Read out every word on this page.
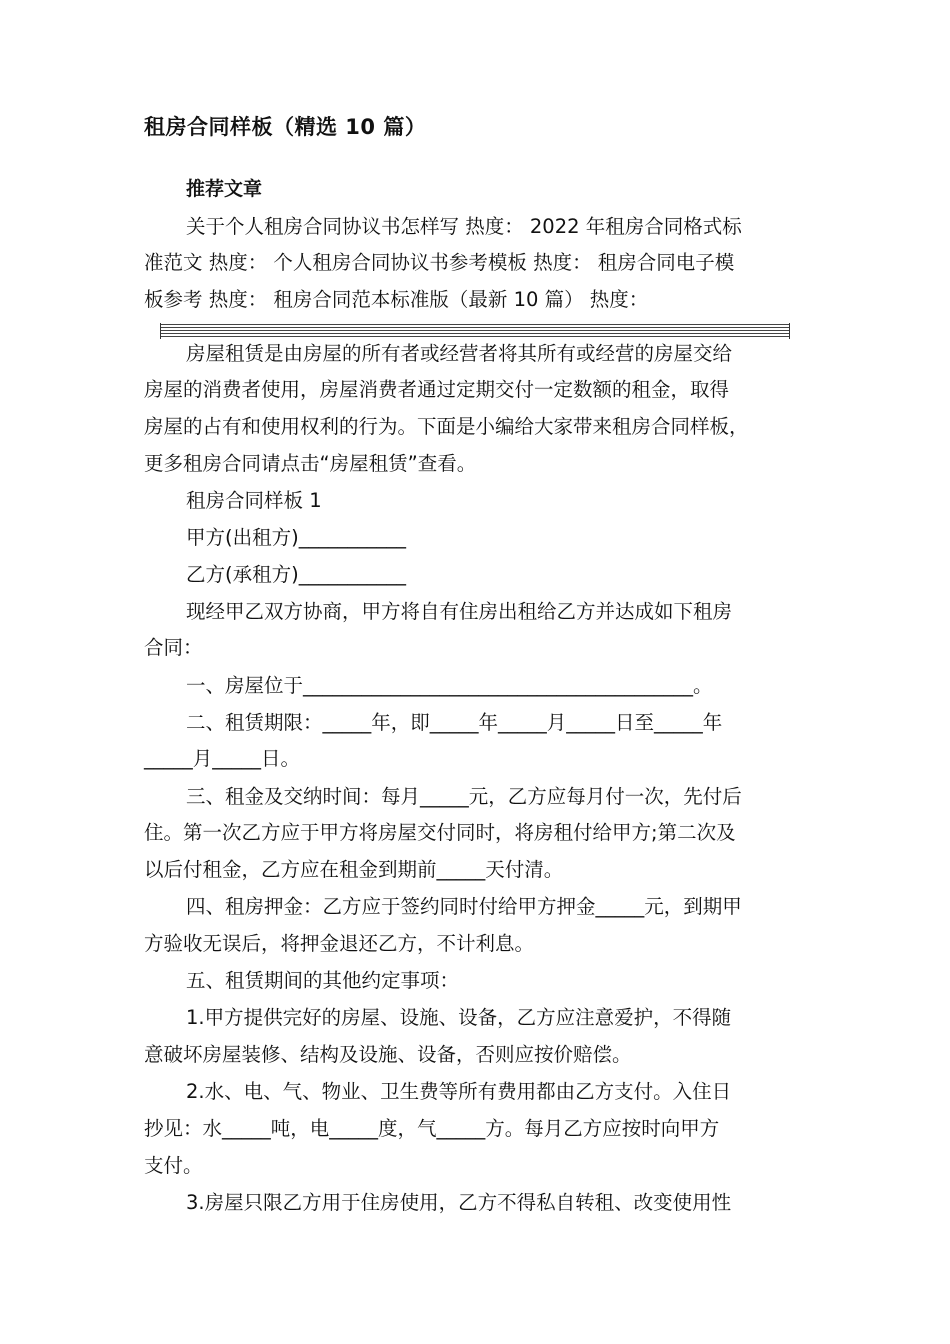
租房合同样板（精选 10 篇）
推荐文章
关于个人租房合同协议书怎样写 热度： 2022 年租房合同格式标
准范文 热度： 个人租房合同协议书参考模板 热度： 租房合同电子模
板参考 热度： 租房合同范本标准版（最新 10 篇） 热度：
房屋租赁是由房屋的所有者或经营者将其所有或经营的房屋交给
房屋的消费者使用，房屋消费者通过定期交付一定数额的租金，取得
房屋的占有和使用权利的行为。下面是小编给大家带来租房合同样板，
更多租房合同请点击“房屋租赁”查看。
租房合同样板 1
甲方(出租方)___________
乙方(承租方)___________
现经甲乙双方协商，甲方将自有住房出租给乙方并达成如下租房
合同：
一、房屋位于________________________________________。
二、租赁期限：_____年，即_____年_____月_____日至_____年
_____月_____日。
三、租金及交纳时间：每月_____元，乙方应每月付一次，先付后
住。第一次乙方应于甲方将房屋交付同时，将房租付给甲方;第二次及
以后付租金，乙方应在租金到期前_____天付清。
四、租房押金：乙方应于签约同时付给甲方押金_____元，到期甲
方验收无误后，将押金退还乙方，不计利息。
五、租赁期间的其他约定事项：
1.甲方提供完好的房屋、设施、设备，乙方应注意爱护，不得随
意破坏房屋装修、结构及设施、设备，否则应按价赔偿。
2.水、电、气、物业、卫生费等所有费用都由乙方支付。入住日
抄见：水_____吨，电_____度，气_____方。每月乙方应按时向甲方
支付。
3.房屋只限乙方用于住房使用，乙方不得私自转租、改变使用性
